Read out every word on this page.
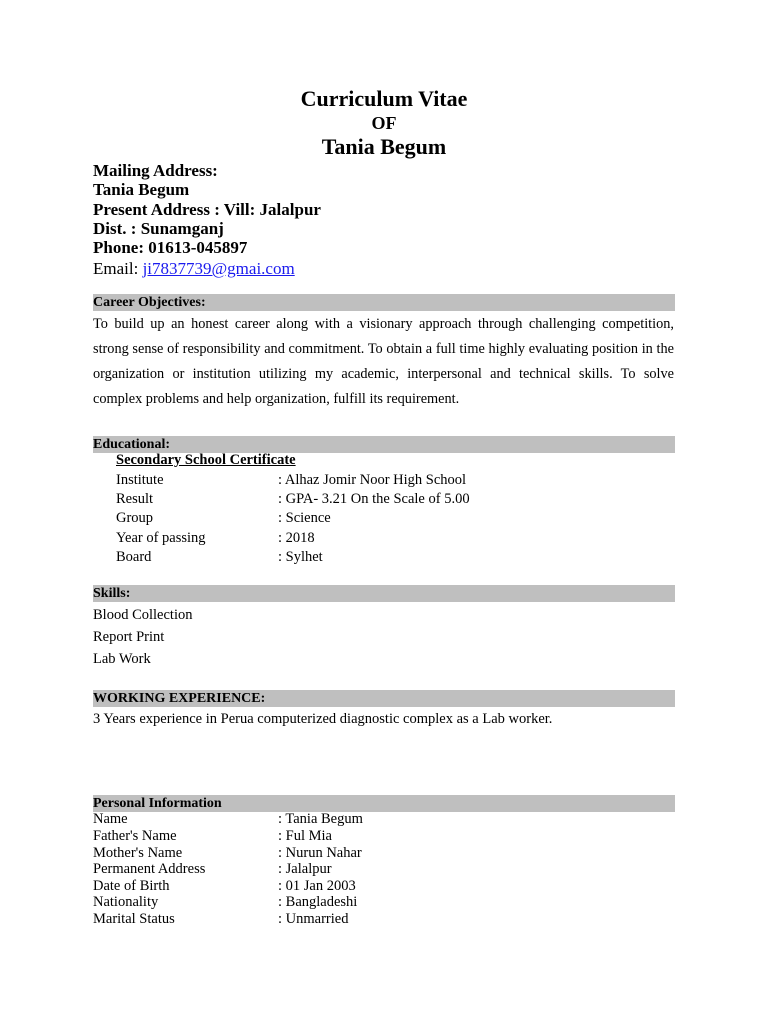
Curriculum Vitae
OF
Tania Begum
Mailing Address:
Tania Begum
Present Address : Vill: Jalalpur
Dist. : Sunamganj
Phone: 01613-045897
Email: ji7837739@gmai.com
Career Objectives:
To build up an honest career along with a visionary approach through challenging competition, strong sense of responsibility and commitment. To obtain a full time highly evaluating position in the organization or institution utilizing my academic, interpersonal and technical skills. To solve complex problems and help organization, fulfill its requirement.
Educational:
Secondary School Certificate
Institute	: Alhaz Jomir Noor High School
Result	: GPA- 3.21 On the Scale of 5.00
Group	: Science
Year of passing	: 2018
Board	: Sylhet
Skills:
Blood Collection
Report Print
Lab Work
WORKING EXPERIENCE:
3 Years experience in Perua computerized diagnostic complex as a Lab worker.
Personal Information
Name	: Tania Begum
Father's Name	: Ful Mia
Mother's Name	: Nurun Nahar
Permanent Address	: Jalalpur
Date of Birth	: 01 Jan 2003
Nationality	: Bangladeshi
Marital Status	: Unmarried
